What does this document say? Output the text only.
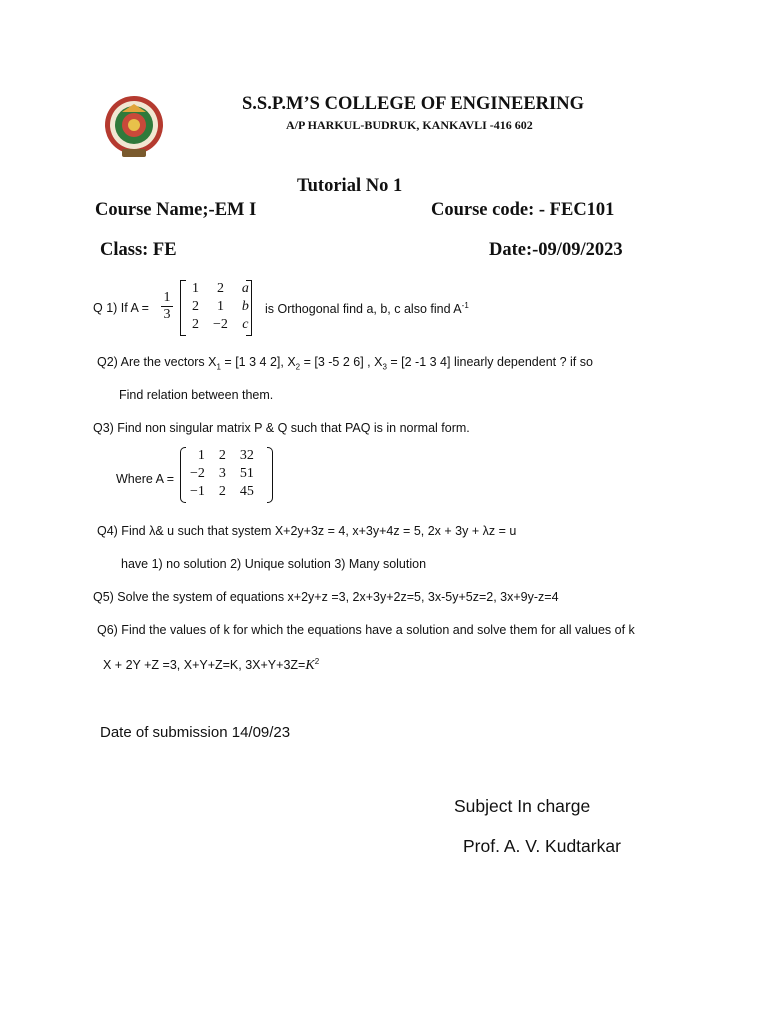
S.S.P.M’S COLLEGE OF ENGINEERING
A/P HARKUL-BUDRUK, KANKAVLI -416 602
Tutorial No 1
Course Name;-EM I	Course code: - FEC101
Class: FE	Date:-09/09/2023
Q 1) If $A = \frac{1}{3}$
1	2	a
2	1	b
2	−2	c
is Orthogonal find a, b, c also find $A^{-1}$
Q2) Are the vectors $X_1 = [1$ 3 4 2], $X_2 = [3$ -5 2 6] , $X_3 = [2$ -1 3 4] linearly dependent ? if so
Find relation between them.
Q3) Find non singular matrix P & Q such that PAQ is in normal form.
Where A =
1	2	32
−2	3	51
−1	2	45
Q4) Find λ& u such that system X+2y+3z = 4, x+3y+4z = 5, 2x + 3y + λz = u
have 1) no solution 2) Unique solution 3) Many solution
Q5) Solve the system of equations x+2y+z =3, 2x+3y+2z=5, 3x-5y+5z=2, 3x+9y-z=4
Q6) Find the values of k for which the equations have a solution and solve them for all values of k
X + 2Y +Z =3, X+Y+Z=K, $3X+Y+3Z=K^2$
Date of submission 14/09/23
Subject In charge
Prof. A. V. Kudtarkar
